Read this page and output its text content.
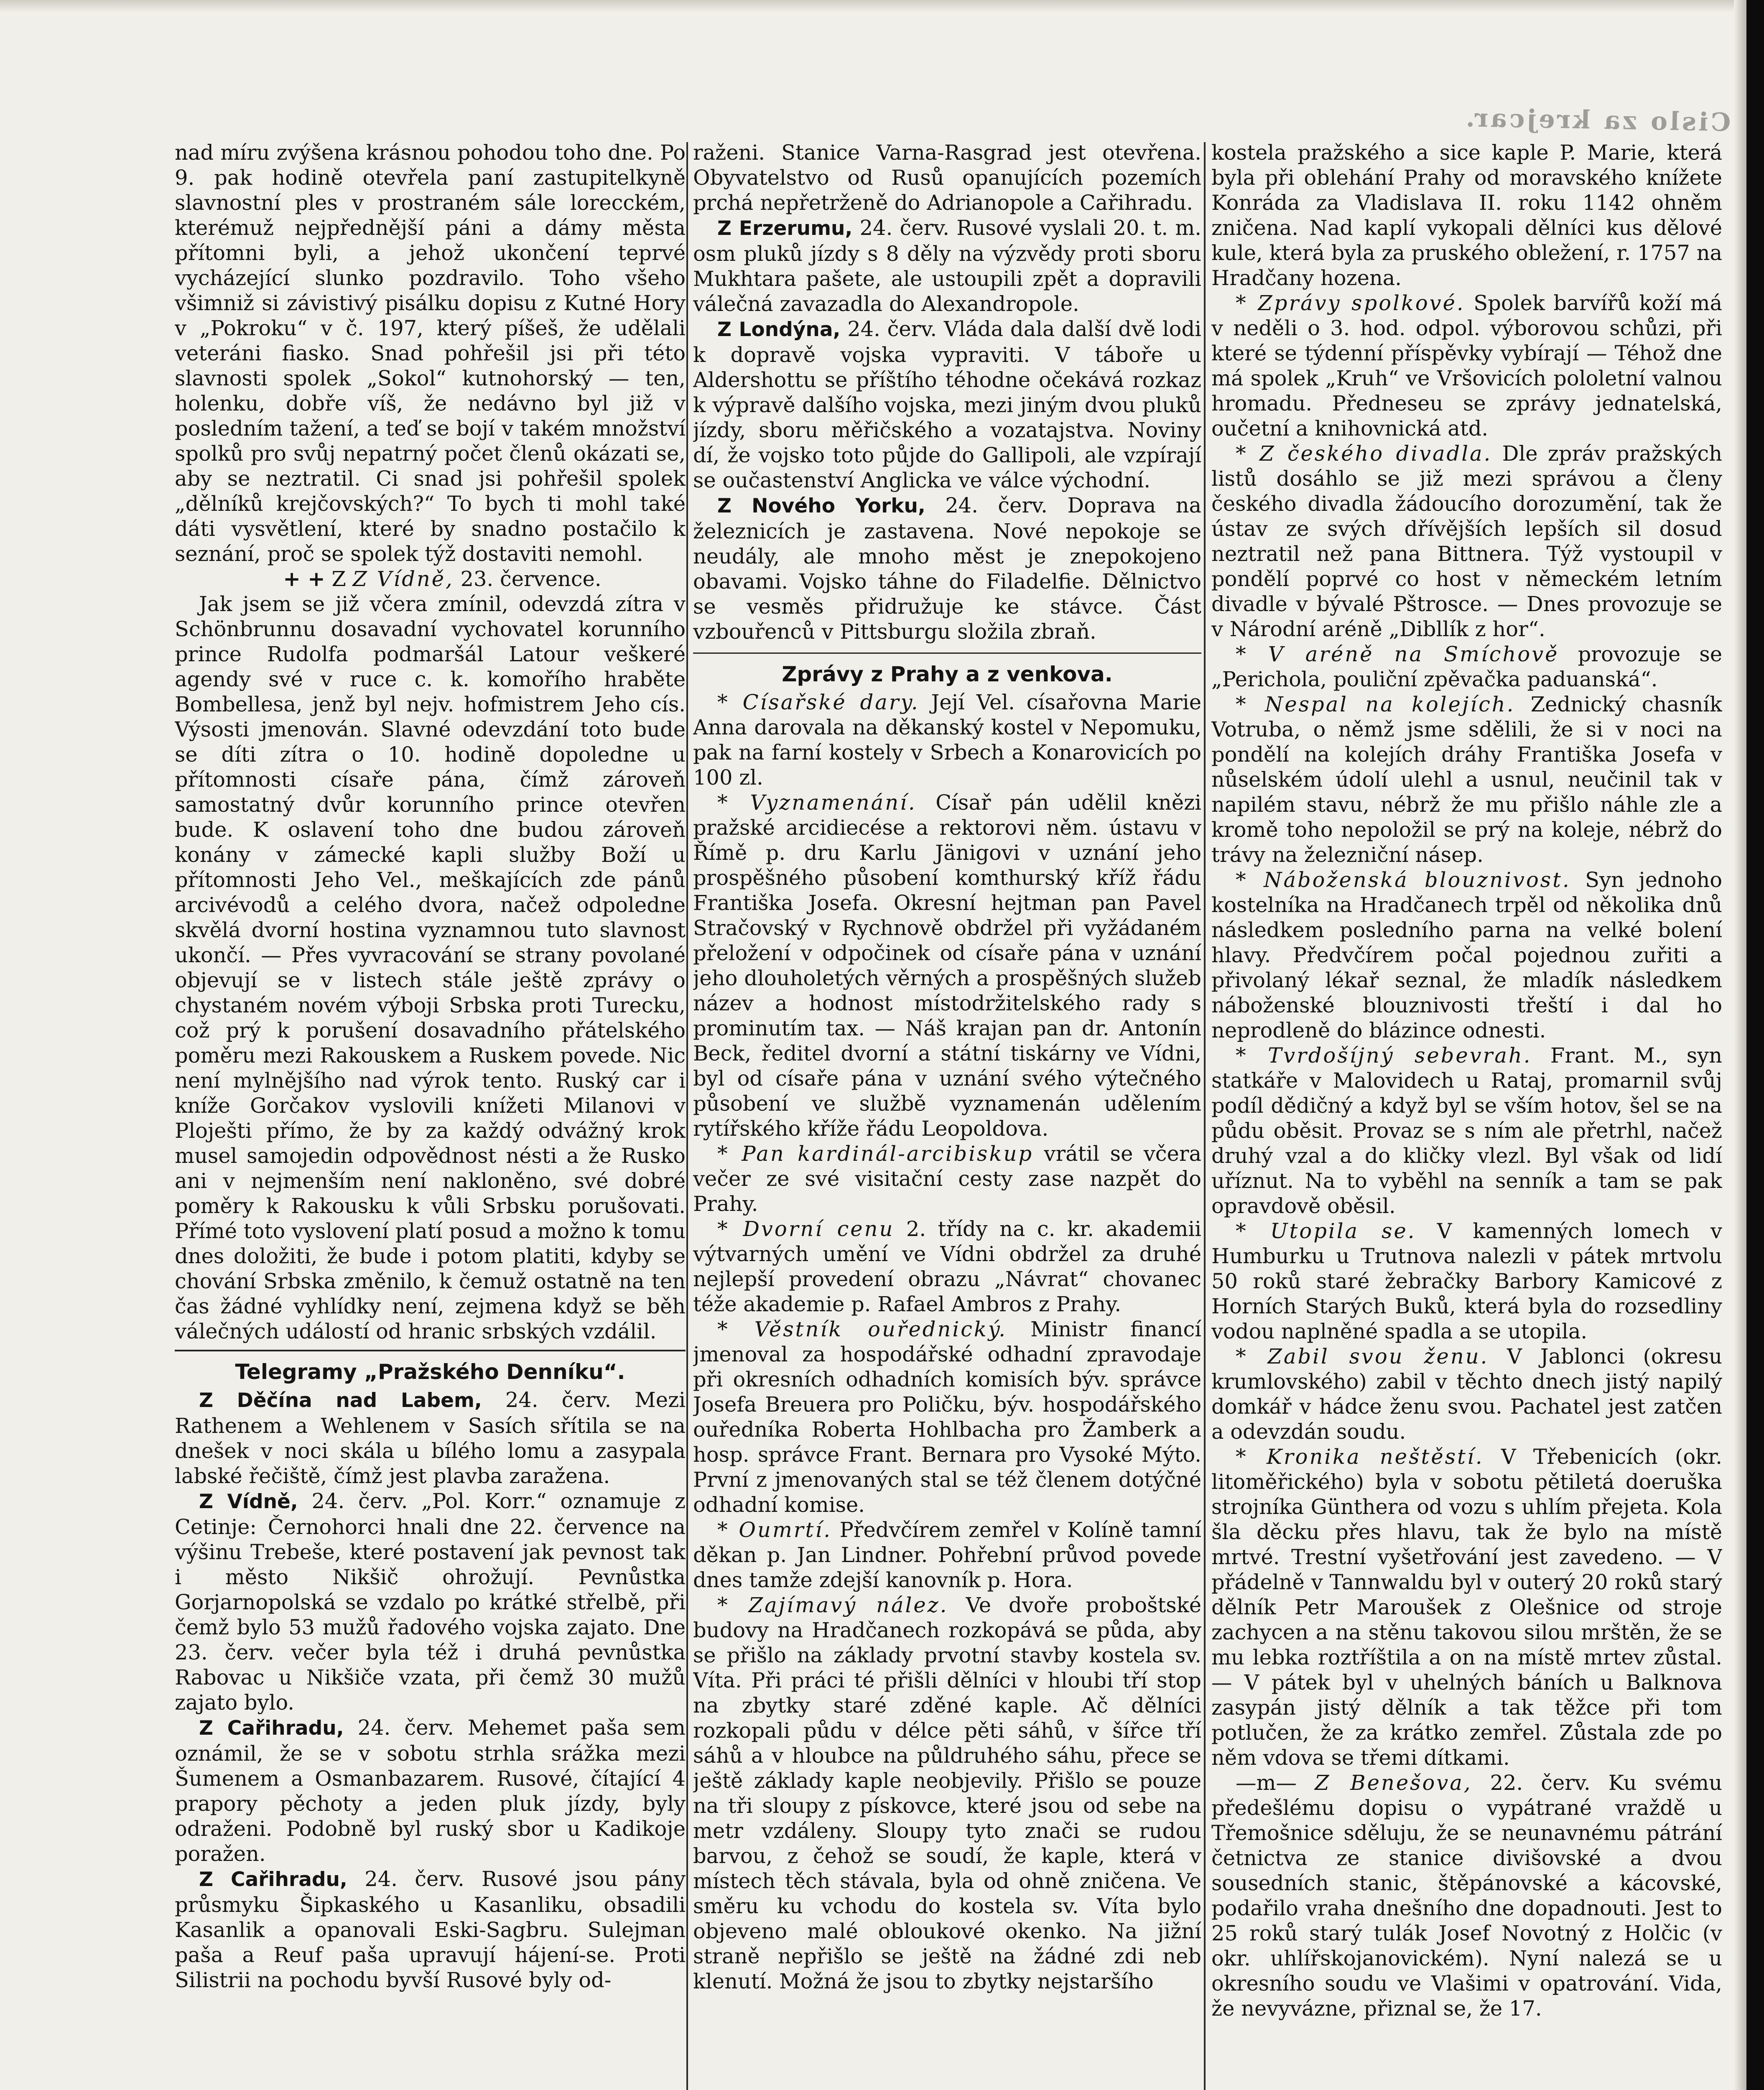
Cislo za krejcar.

nad míru zvýšena krásnou pohodou toho dne. Po 9. pak hodině otevřela paní zastupitelkyně slavnostní ples v prostraném sále lorecckém, kterémuž nejpřednější páni a dámy města přítomni byli, a jehož ukončení teprvé vycházející slunko pozdravilo. Toho všeho všimniž si závistivý pisálku dopisu z Kutné Hory v „Pokroku“ v č. 197, který píšeš, že udělali veteráni fiasko. Snad pohřešil jsi při této slavnosti spolek „Sokol“ kutnohorský — ten, holenku, dobře víš, že nedávno byl již v posledním tažení, a teď se bojí v takém množství spolků pro svůj nepatrný počet členů okázati se, aby se neztratil. Ci snad jsi pohřešil spolek „dělníků krejčovských?“ To bych ti mohl také dáti vysvětlení, které by snadno postačilo k seznání, proč se spolek týž dostaviti nemohl.

+ + Z Z Vídně, 23. července.

Jak jsem se již včera zmínil, odevzdá zítra v Schönbrunnu dosavadní vychovatel korunního prince Rudolfa podmaršál Latour veškeré agendy své v ruce c. k. komořího hraběte Bombellesa, jenž byl nejv. hofmistrem Jeho cís. Výsosti jmenován. Slavné odevzdání toto bude se díti zítra o 10. hodině dopoledne u přítomnosti císaře pána, čímž zároveň samostatný dvůr korunního prince otevřen bude. K oslavení toho dne budou zároveň konány v zámecké kapli služby Boží u přítomnosti Jeho Vel., meškajících zde pánů arcivévodů a celého dvora, načež odpoledne skvělá dvorní hostina vyznamnou tuto slavnost ukončí. — Přes vyvracování se strany povolané objevují se v listech stále ještě zprávy o chystaném novém výboji Srbska proti Turecku, což prý k porušení dosavadního přátelského poměru mezi Rakouskem a Ruskem povede. Nic není mylnějšího nad výrok tento. Ruský car i kníže Gorčakov vyslovili knížeti Milanovi v Ploješti přímo, že by za každý odvážný krok musel samojedin odpovědnost nésti a že Rusko ani v nejmenším není nakloněno, své dobré poměry k Rakousku k vůli Srbsku porušovati. Přímé toto vyslovení platí posud a možno k tomu dnes doložiti, že bude i potom platiti, kdyby se chování Srbska změnilo, k čemuž ostatně na ten čas žádné vyhlídky není, zejmena když se běh válečných událostí od hranic srbských vzdálil.

Telegramy „Pražského Denníku“.

Z Děčína nad Labem, 24. červ. Mezi Rathenem a Wehlenem v Sasích sřítila se na dnešek v noci skála u bílého lomu a zasypala labské řečiště, čímž jest plavba zaražena.

Z Vídně, 24. červ. „Pol. Korr.“ oznamuje z Cetinje: Černohorci hnali dne 22. července na výšinu Trebeše, které postavení jak pevnost tak i město Nikšič ohrožují. Pevnůstka Gorjarnopolská se vzdalo po krátké střelbě, při čemž bylo 53 mužů řadového vojska zajato. Dne 23. červ. večer byla též i druhá pevnůstka Rabovac u Nikšiče vzata, při čemž 30 mužů zajato bylo.

Z Cařihradu, 24. červ. Mehemet paša sem oznámil, že se v sobotu strhla srážka mezi Šumenem a Osmanbazarem. Rusové, čítající 4 prapory pěchoty a jeden pluk jízdy, byly odraženi. Podobně byl ruský sbor u Kadikoje poražen.

Z Cařihradu, 24. červ. Rusové jsou pány průsmyku Šipkaského u Kasanliku, obsadili Kasanlik a opanovali Eski-Sagbru. Sulejman paša a Reuf paša upravují hájení-se. Proti Silistrii na pochodu byvší Rusové byly od-

raženi. Stanice Varna-Rasgrad jest otevřena. Obyvatelstvo od Rusů opanujících pozemích prchá nepřetrženě do Adrianopole a Cařihradu.

Z Erzerumu, 24. červ. Rusové vyslali 20. t. m. osm pluků jízdy s 8 děly na výzvědy proti sboru Mukhtara pašete, ale ustoupili zpět a dopravili válečná zavazadla do Alexandropole.

Z Londýna, 24. červ. Vláda dala další dvě lodi k dopravě vojska vypraviti. V táboře u Aldershottu se příštího téhodne očekává rozkaz k výpravě dalšího vojska, mezi jiným dvou pluků jízdy, sboru měřičského a vozatajstva. Noviny dí, že vojsko toto půjde do Gallipoli, ale vzpírají se oučastenství Anglicka ve válce východní.

Z Nového Yorku, 24. červ. Doprava na železnicích je zastavena. Nové nepokoje se neudály, ale mnoho měst je znepokojeno obavami. Vojsko táhne do Filadelfie. Dělnictvo se vesměs přidružuje ke stávce. Část vzbouřenců v Pittsburgu složila zbraň.

Zprávy z Prahy a z venkova.

* Císařské dary. Její Vel. císařovna Marie Anna darovala na děkanský kostel v Nepomuku, pak na farní kostely v Srbech a Konarovicích po 100 zl.

* Vyznamenání. Císař pán udělil knězi pražské arcidiecése a rektorovi něm. ústavu v Římě p. dru Karlu Jänigovi v uznání jeho prospěšného působení komthurský kříž řádu Františka Josefa. Okresní hejtman pan Pavel Stračovský v Rychnově obdržel při vyžádaném přeložení v odpočinek od císaře pána v uznání jeho dlouholetých věrných a prospěšných služeb název a hodnost místodržitelského rady s prominutím tax. — Náš krajan pan dr. Antonín Beck, ředitel dvorní a státní tiskárny ve Vídni, byl od císaře pána v uznání svého výtečného působení ve službě vyznamenán udělením rytířského kříže řádu Leopoldova.

* Pan kardinál-arcibiskup vrátil se včera večer ze své visitační cesty zase nazpět do Prahy.

* Dvorní cenu 2. třídy na c. kr. akademii výtvarných umění ve Vídni obdržel za druhé nejlepší provedení obrazu „Návrat“ chovanec téže akademie p. Rafael Ambros z Prahy.

* Věstník ouřednický. Ministr financí jmenoval za hospodářské odhadní zpravodaje při okresních odhadních komisích býv. správce Josefa Breuera pro Poličku, býv. hospodářského ouředníka Roberta Hohlbacha pro Žamberk a hosp. správce Frant. Bernara pro Vysoké Mýto. První z jmenovaných stal se též členem dotýčné odhadní komise.

* Oumrtí. Předvčírem zemřel v Kolíně tamní děkan p. Jan Lindner. Pohřební průvod povede dnes tamže zdejší kanovník p. Hora.

* Zajímavý nález. Ve dvoře proboštské budovy na Hradčanech rozkopává se půda, aby se přišlo na základy prvotní stavby kostela sv. Víta. Při práci té přišli dělníci v hloubi tří stop na zbytky staré zděné kaple. Ač dělníci rozkopali půdu v délce pěti sáhů, v šířce tří sáhů a v hloubce na půldruhého sáhu, přece se ještě základy kaple neobjevily. Přišlo se pouze na tři sloupy z pískovce, které jsou od sebe na metr vzdáleny. Sloupy tyto znači se rudou barvou, z čehož se soudí, že kaple, která v místech těch stávala, byla od ohně zničena. Ve směru ku vchodu do kostela sv. Víta bylo objeveno malé obloukové okenko. Na jižní straně nepřišlo se ještě na žádné zdi neb klenutí. Možná že jsou to zbytky nejstaršího

kostela pražského a sice kaple P. Marie, která byla při oblehání Prahy od moravského knížete Konráda za Vladislava II. roku 1142 ohněm zničena. Nad kaplí vykopali dělníci kus dělové kule, která byla za pruského obležení, r. 1757 na Hradčany hozena.

* Zprávy spolkové. Spolek barvířů koží má v neděli o 3. hod. odpol. výborovou schůzi, při které se týdenní příspěvky vybírají — Téhož dne má spolek „Kruh“ ve Vršovicích pololetní valnou hromadu. Předneseu se zprávy jednatelská, oučetní a knihovnická atd.

* Z českého divadla. Dle zpráv pražských listů dosáhlo se již mezi správou a členy českého divadla žádoucího dorozumění, tak že ústav ze svých dřívějších lepších sil dosud neztratil než pana Bittnera. Týž vystoupil v pondělí poprvé co host v německém letním divadle v bývalé Pštrosce. — Dnes provozuje se v Národní aréně „Dibllík z hor“.

* V aréně na Smíchově provozuje se „Perichola, pouliční zpěvačka paduanská“.

* Nespal na kolejích. Zednický chasník Votruba, o němž jsme sdělili, že si v noci na pondělí na kolejích dráhy Františka Josefa v nůselském údolí ulehl a usnul, neučinil tak v napilém stavu, nébrž že mu přišlo náhle zle a kromě toho nepoložil se prý na koleje, nébrž do trávy na železniční násep.

* Náboženská blouznivost. Syn jednoho kostelníka na Hradčanech trpěl od několika dnů následkem posledního parna na velké bolení hlavy. Předvčírem počal pojednou zuřiti a přivolaný lékař seznal, že mladík následkem náboženské blouznivosti třeští i dal ho neprodleně do blázince odnesti.

* Tvrdošíjný sebevrah. Frant. M., syn statkáře v Malovidech u Rataj, promarnil svůj podíl dědičný a když byl se vším hotov, šel se na půdu oběsit. Provaz se s ním ale přetrhl, načež druhý vzal a do kličky vlezl. Byl však od lidí uříznut. Na to vyběhl na senník a tam se pak opravdově oběsil.

* Utopila se. V kamenných lomech v Humburku u Trutnova nalezli v pátek mrtvolu 50 roků staré žebračky Barbory Kamicové z Horních Starých Buků, která byla do rozsedliny vodou naplněné spadla a se utopila.

* Zabil svou ženu. V Jablonci (okresu krumlovského) zabil v těchto dnech jistý napilý domkář v hádce ženu svou. Pachatel jest zatčen a odevzdán soudu.

* Kronika neštěstí. V Třebenicích (okr. litoměřického) byla v sobotu pětiletá doeruška strojníka Günthera od vozu s uhlím přejeta. Kola šla děcku přes hlavu, tak že bylo na místě mrtvé. Trestní vyšetřování jest zavedeno. — V přádelně v Tannwaldu byl v outerý 20 roků starý dělník Petr Maroušek z Olešnice od stroje zachycen a na stěnu takovou silou mrštěn, že se mu lebka roztříštila a on na místě mrtev zůstal. — V pátek byl v uhelných báních u Balknova zasypán jistý dělník a tak těžce při tom potlučen, že za krátko zemřel. Zůstala zde po něm vdova se třemi dítkami.

—m— Z Benešova, 22. červ. Ku svému předešlému dopisu o vypátrané vraždě u Třemošnice sděluju, že se neunavnému pátrání četnictva ze stanice divišovské a dvou sousedních stanic, štěpánovské a kácovské, podařilo vraha dnešního dne dopadnouti. Jest to 25 roků starý tulák Josef Novotný z Holčic (v okr. uhlířskojanovickém). Nyní nalezá se u okresního soudu ve Vlašimi v opatrování. Vida, že nevyvázne, přiznal se, že 17.
